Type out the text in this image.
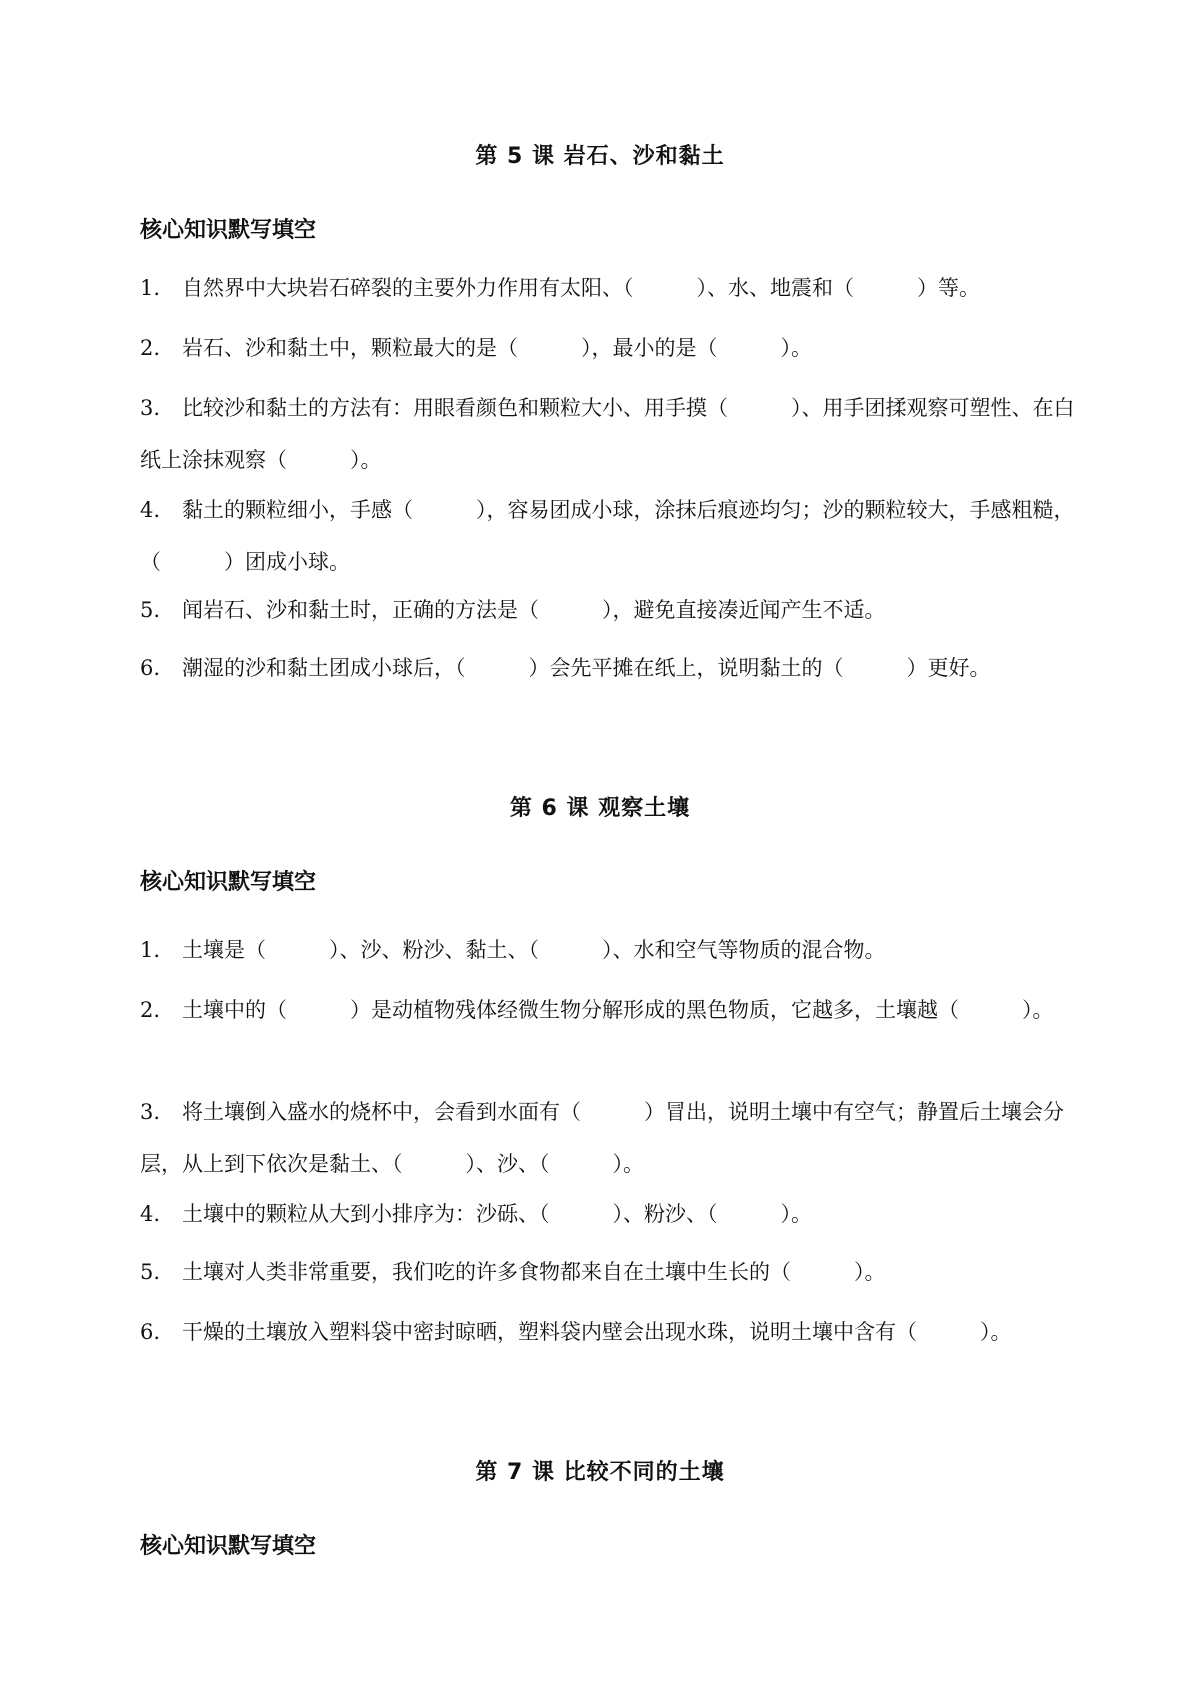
第 5 课 岩石、沙和黏土
核心知识默写填空
1. 自然界中大块岩石碎裂的主要外力作用有太阳、（　　　）、水、地震和（　　　）等。
2. 岩石、沙和黏土中，颗粒最大的是（　　　），最小的是（　　　）。
3. 比较沙和黏土的方法有：用眼看颜色和颗粒大小、用手摸（　　　）、用手团揉观察可塑性、在白纸上涂抹观察（　　　）。
4. 黏土的颗粒细小，手感（　　　），容易团成小球，涂抹后痕迹均匀；沙的颗粒较大，手感粗糙，（　　　）团成小球。
5. 闻岩石、沙和黏土时，正确的方法是（　　　），避免直接凑近闻产生不适。
6. 潮湿的沙和黏土团成小球后，（　　　）会先平摊在纸上，说明黏土的（　　　）更好。
第 6 课 观察土壤
核心知识默写填空
1. 土壤是（　　　）、沙、粉沙、黏土、（　　　）、水和空气等物质的混合物。
2. 土壤中的（　　　）是动植物残体经微生物分解形成的黑色物质，它越多，土壤越（　　　）。
3. 将土壤倒入盛水的烧杯中，会看到水面有（　　　）冒出，说明土壤中有空气；静置后土壤会分层，从上到下依次是黏土、（　　　）、沙、（　　　）。
4. 土壤中的颗粒从大到小排序为：沙砾、（　　　）、粉沙、（　　　）。
5. 土壤对人类非常重要，我们吃的许多食物都来自在土壤中生长的（　　　）。
6. 干燥的土壤放入塑料袋中密封晾晒，塑料袋内壁会出现水珠，说明土壤中含有（　　　）。
第 7 课 比较不同的土壤
核心知识默写填空
